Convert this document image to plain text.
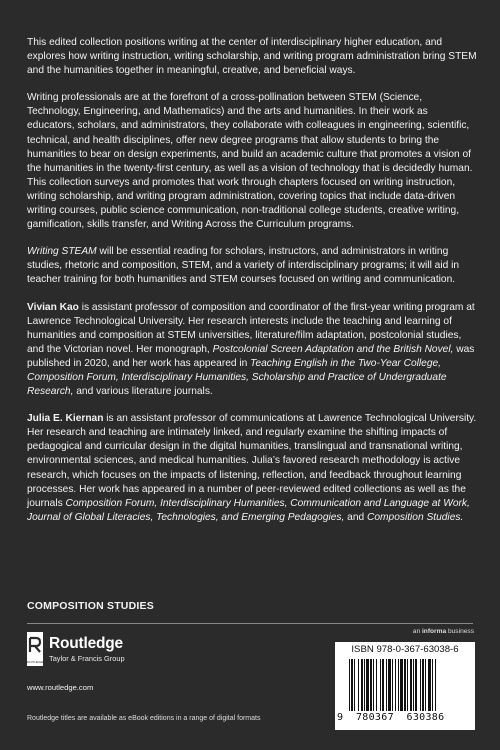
This edited collection positions writing at the center of interdisciplinary higher education, and explores how writing instruction, writing scholarship, and writing program administration bring STEM and the humanities together in meaningful, creative, and beneficial ways.

Writing professionals are at the forefront of a cross-pollination between STEM (Science, Technology, Engineering, and Mathematics) and the arts and humanities. In their work as educators, scholars, and administrators, they collaborate with colleagues in engineering, scientific, technical, and health disciplines, offer new degree programs that allow students to bring the humanities to bear on design experiments, and build an academic culture that promotes a vision of the humanities in the twenty-first century, as well as a vision of technology that is decidedly human. This collection surveys and promotes that work through chapters focused on writing instruction, writing scholarship, and writing program administration, covering topics that include data-driven writing courses, public science communication, non-traditional college students, creative writing, gamification, skills transfer, and Writing Across the Curriculum programs.

Writing STEAM will be essential reading for scholars, instructors, and administrators in writing studies, rhetoric and composition, STEM, and a variety of interdisciplinary programs; it will aid in teacher training for both humanities and STEM courses focused on writing and communication.

Vivian Kao is assistant professor of composition and coordinator of the first-year writing program at Lawrence Technological University. Her research interests include the teaching and learning of humanities and composition at STEM universities, literature/film adaptation, postcolonial studies, and the Victorian novel. Her monograph, Postcolonial Screen Adaptation and the British Novel, was published in 2020, and her work has appeared in Teaching English in the Two-Year College, Composition Forum, Interdisciplinary Humanities, Scholarship and Practice of Undergraduate Research, and various literature journals.

Julia E. Kiernan is an assistant professor of communications at Lawrence Technological University. Her research and teaching are intimately linked, and regularly examine the shifting impacts of pedagogical and curricular design in the digital humanities, translingual and transnational writing, environmental sciences, and medical humanities. Julia’s favored research methodology is active research, which focuses on the impacts of listening, reflection, and feedback throughout learning processes. Her work has appeared in a number of peer-reviewed edited collections as well as the journals Composition Forum, Interdisciplinary Humanities, Communication and Language at Work, Journal of Global Literacies, Technologies, and Emerging Pedagogies, and Composition Studies.

COMPOSITION STUDIES
an informa business
ROUTLEDGE
Routledge
Taylor & Francis Group
www.routledge.com
Routledge titles are available as eBook editions in a range of digital formats
ISBN 978-0-367-63038-6
9  780367  630386
